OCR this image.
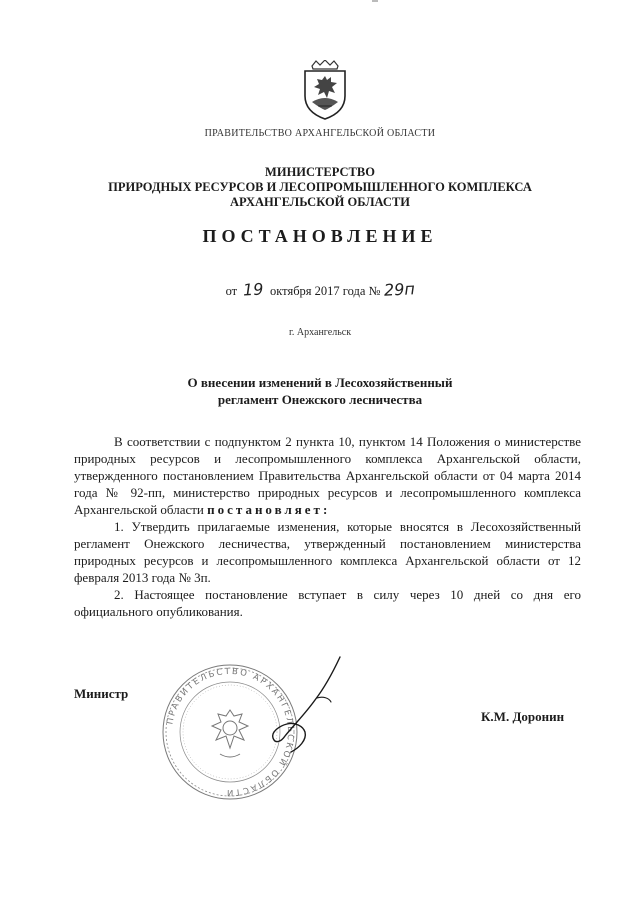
ПРАВИТЕЛЬСТВО АРХАНГЕЛЬСКОЙ ОБЛАСТИ
МИНИСТЕРСТВО
ПРИРОДНЫХ РЕСУРСОВ И ЛЕСОПРОМЫШЛЕННОГО КОМПЛЕКСА
АРХАНГЕЛЬСКОЙ ОБЛАСТИ
ПОСТАНОВЛЕНИЕ
от 19 октября 2017 года № 29п
г. Архангельск
О внесении изменений в Лесохозяйственный
регламент Онежского лесничества

В соответствии с подпунктом 2 пункта 10, пунктом 14 Положения о министерстве природных ресурсов и лесопромышленного комплекса Архангельской области, утвержденного постановлением Правительства Архангельской области от 04 марта 2014 года № 92-пп, министерство природных ресурсов и лесопромышленного комплекса Архангельской области постановляет:

1. Утвердить прилагаемые изменения, которые вносятся в Лесохозяйственный регламент Онежского лесничества, утвержденный постановлением министерства природных ресурсов и лесопромышленного комплекса Архангельской области от 12 февраля 2013 года № 3п.

2. Настоящее постановление вступает в силу через 10 дней со дня его официального опубликования.

ПРАВИТЕЛЬСТВО АРХАНГЕЛЬСКОЙ ОБЛАСТИ
Министр
К.М. Доронин
